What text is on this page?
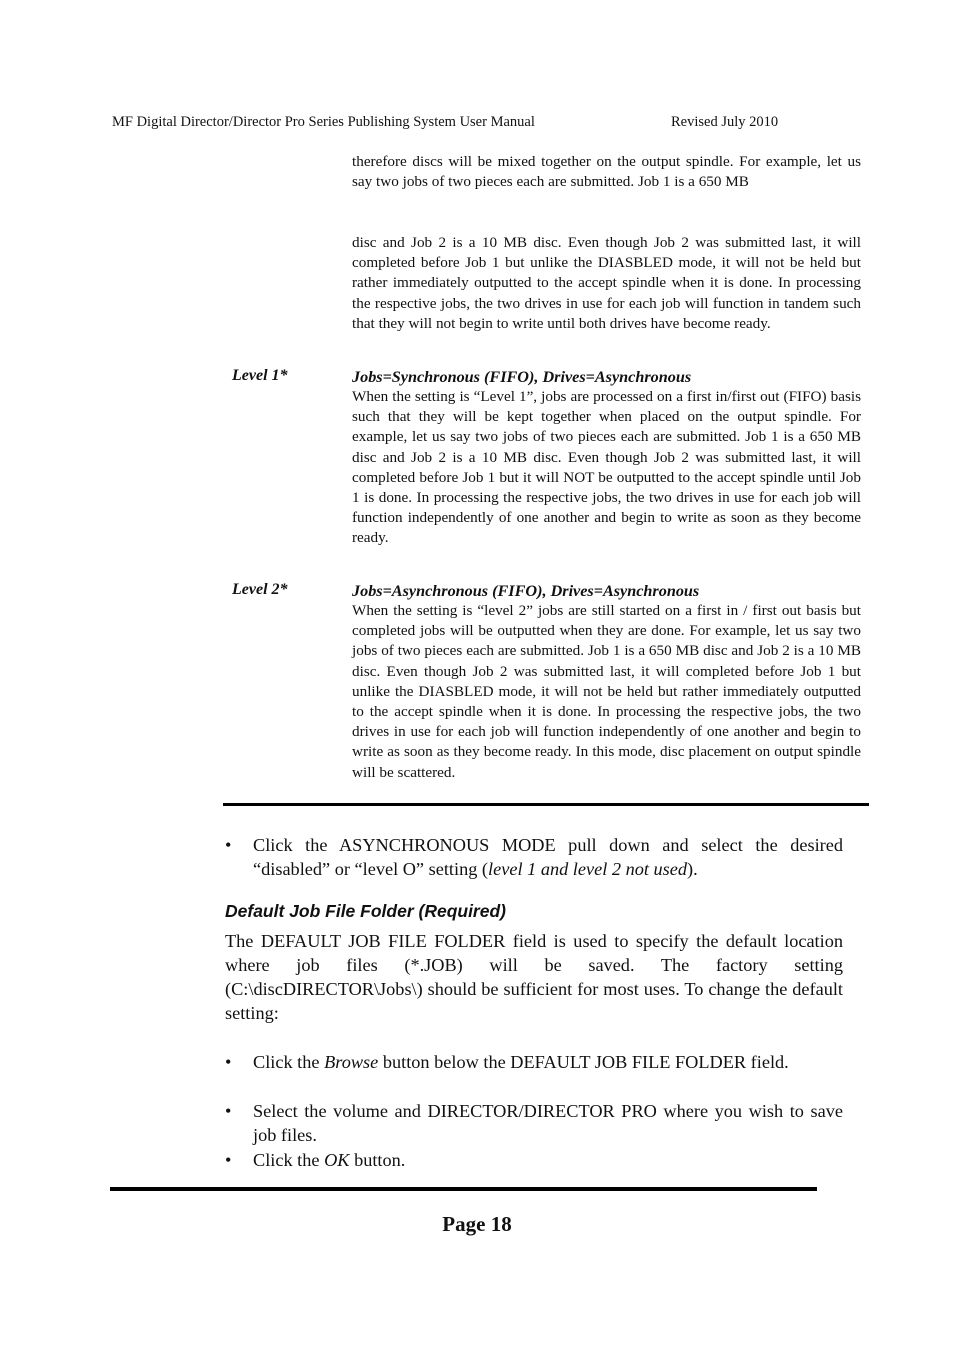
MF Digital Director/Director Pro Series Publishing System User Manual	Revised July 2010

therefore discs will be mixed together on the output spindle. For example, let us say two jobs of two pieces each are submitted. Job 1 is a 650 MB

disc and Job 2 is a 10 MB disc. Even though Job 2 was submitted last, it will completed before Job 1 but unlike the DIASBLED mode, it will not be held but rather immediately outputted to the accept spindle when it is done. In processing the respective jobs, the two drives in use for each job will function in tandem such that they will not begin to write until both drives have become ready.

Level 1*	Jobs=Synchronous (FIFO), Drives=Asynchronous

When the setting is “Level 1”, jobs are processed on a first in/first out (FIFO) basis such that they will be kept together when placed on the output spindle. For example, let us say two jobs of two pieces each are submitted. Job 1 is a 650 MB disc and Job 2 is a 10 MB disc. Even though Job 2 was submitted last, it will completed before Job 1 but it will NOT be outputted to the accept spindle until Job 1 is done. In processing the respective jobs, the two drives in use for each job will function independently of one another and begin to write as soon as they become ready.

Level 2*	Jobs=Asynchronous (FIFO), Drives=Asynchronous

When the setting is “level 2” jobs are still started on a first in / first out basis but completed jobs will be outputted when they are done. For example, let us say two jobs of two pieces each are submitted. Job 1 is a 650 MB disc and Job 2 is a 10 MB disc. Even though Job 2 was submitted last, it will completed before Job 1 but unlike the DIASBLED mode, it will not be held but rather immediately outputted to the accept spindle when it is done. In processing the respective jobs, the two drives in use for each job will function independently of one another and begin to write as soon as they become ready. In this mode, disc placement on output spindle will be scattered.

• Click the ASYNCHRONOUS MODE pull down and select the desired “disabled” or “level O” setting (level 1 and level 2 not used).
Default Job File Folder (Required)
The DEFAULT JOB FILE FOLDER field is used to specify the default location where job files (*.JOB) will be saved. The factory setting (C:\discDIRECTOR\Jobs\) should be sufficient for most uses. To change the default setting:
• Click the Browse button below the DEFAULT JOB FILE FOLDER field.
• Select the volume and DIRECTOR/DIRECTOR PRO where you wish to save job files.
• Click the OK button.
Page 18
